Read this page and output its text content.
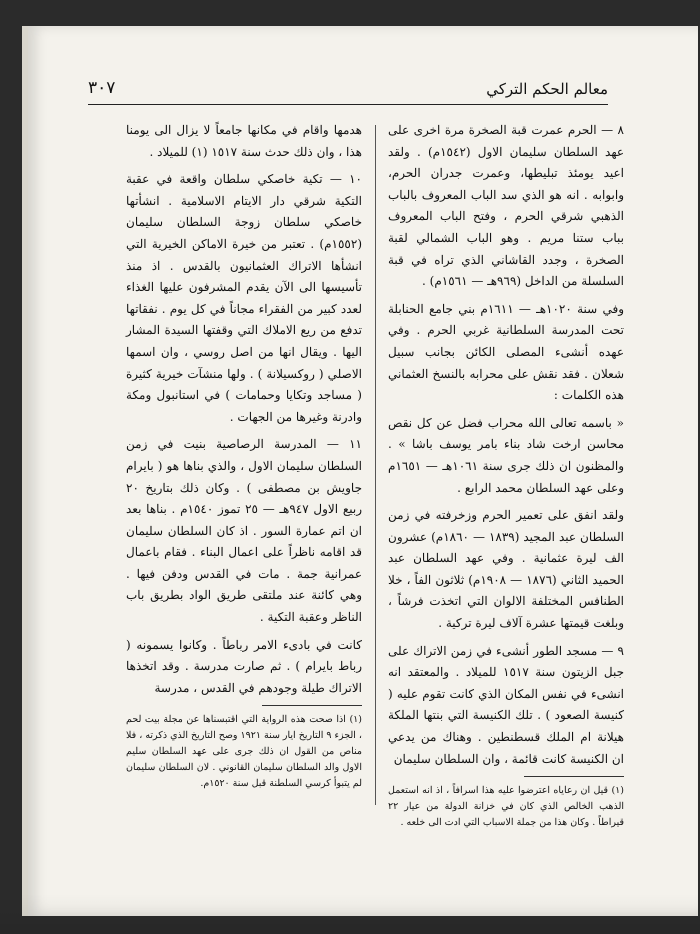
معالم الحكم التركي
٣٠٧

٨ — الحرم عمرت قبة الصخرة مرة اخرى على عهد السلطان سليمان الاول (١٥٤٢م) . ولقد اعيد يومئذ تبليطها، وعمرت جدران الحرم، وابوابه . انه هو الذي سد الباب المعروف بالباب الذهبي شرقي الحرم ، وفتح الباب المعروف بباب ستنا مريم . وهو الباب الشمالي لقبة الصخرة ، وجدد القاشاني الذي تراه في قبة السلسلة من الداخل (٩٦٩هـ — ١٥٦١م) .

وفي سنة ١٠٢٠هـ — ١٦١١م بني جامع الحنابلة تحت المدرسة السلطانية غربي الحرم . وفي عهده أنشىء المصلى الكائن بجانب سبيل شعلان . فقد نقش على محرابه بالنسخ العثماني هذه الكلمات :

« باسمه تعالى الله محراب فضل عن كل نقص محاسن ارخت شاد بناء بامر يوسف باشا » . والمظنون ان ذلك جرى سنة ١٠٦١هـ — ١٦٥١م وعلى عهد السلطان محمد الرابع .

ولقد انفق على تعمير الحرم وزخرفته في زمن السلطان عبد المجيد (١٨٣٩ — ١٨٦٠م) عشرون الف ليرة عثمانية . وفي عهد السلطان عبد الحميد الثاني (١٨٧٦ — ١٩٠٨م) ثلاثون الفاً ، خلا الطنافس المختلفة الالوان التي اتخذت فرشاً ، وبلغت قيمتها عشرة آلاف ليرة تركية .

٩ — مسجد الطور أنشىء في زمن الاتراك على جبل الزيتون سنة ١٥١٧ للميلاد . والمعتقد انه انشىء في نفس المكان الذي كانت تقوم عليه ( كنيسة الصعود ) . تلك الكنيسة التي بنتها الملكة هيلانة ام الملك قسطنطين . وهناك من يدعي ان الكنيسة كانت قائمة ، وان السلطان سليمان

(١) قيل ان رعاياه اعترضوا عليه هذا اسرافاً ، اذ انه استعمل الذهب الخالص الذي كان في خزانة الدولة من عيار ٢٢ قيراطاً . وكان هذا من جملة الاسباب التي ادت الى خلعه .

هدمها واقام في مكانها جامعاً لا يزال الى يومنا هذا ، وان ذلك حدث سنة ١٥١٧ (١) للميلاد .

١٠ — تكية خاصكي سلطان واقعة في عقبة التكية شرقي دار الايتام الاسلامية . انشأتها خاصكي سلطان زوجة السلطان سليمان (١٥٥٢م) . تعتبر من خيرة الاماكن الخيرية التي انشأها الاتراك العثمانيون بالقدس . اذ منذ تأسيسها الى الآن يقدم المشرفون عليها الغذاء لعدد كبير من الفقراء مجاناً في كل يوم . نفقاتها تدفع من ريع الاملاك التي وقفتها السيدة المشار اليها . ويقال انها من اصل روسي ، وان اسمها الاصلي ( روكسيلانة ) . ولها منشآت خيرية كثيرة ( مساجد وتكايا وحمامات ) في استانبول ومكة وادرنة وغيرها من الجهات .

١١ — المدرسة الرصاصية بنيت في زمن السلطان سليمان الاول ، والذي بناها هو ( بايرام جاويش بن مصطفى ) . وكان ذلك بتاريخ ٢٠ ربيع الاول ٩٤٧هـ — ٢٥ تموز ١٥٤٠م . بناها بعد ان اتم عمارة السور . اذ كان السلطان سليمان قد اقامه ناظراً على اعمال البناء . فقام باعمال عمرانية جمة . مات في القدس ودفن فيها . وهي كائنة عند ملتقى طريق الواد بطريق باب الناظر وعقبة التكية .

كانت في بادىء الامر رباطاً . وكانوا يسمونه ( رباط بايرام ) . ثم صارت مدرسة . وقد اتخذها الاتراك طيلة وجودهم في القدس ، مدرسة

(١) اذا صحت هذه الرواية التي اقتبسناها عن مجلة بيت لحم ، الجزء ٩ التاريخ ايار سنة ١٩٢١ وصح التاريخ الذي ذكرته ، فلا مناص من القول ان ذلك جرى على عهد السلطان سليم الاول والد السلطان سليمان القانوني . لان السلطان سليمان لم يتبوأ كرسي السلطنة قبل سنة ١٥٢٠م.
